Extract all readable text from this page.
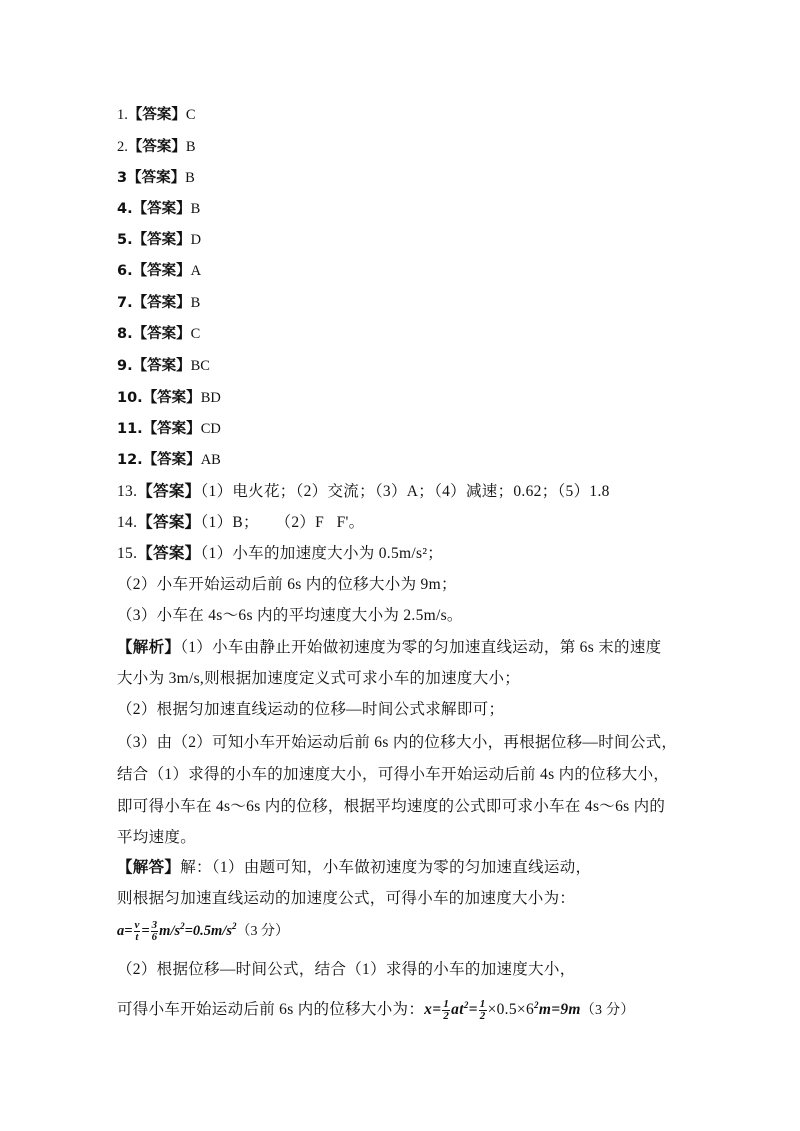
1.【答案】C
2.【答案】B
3【答案】B
4.【答案】B
5.【答案】D
6.【答案】A
7.【答案】B
8.【答案】C
9.【答案】BC
10.【答案】BD
11.【答案】CD
12.【答案】AB
13.【答案】（1）电火花；（2）交流；（3）A；（4）减速；0.62；（5）1.8
14.【答案】（1）B；    （2）F   F'。
15.【答案】（1）小车的加速度大小为 0.5m/s²；
（2）小车开始运动后前 6s 内的位移大小为 9m；
（3）小车在 4s～6s 内的平均速度大小为 2.5m/s。
【解析】（1）小车由静止开始做初速度为零的匀加速直线运动，第 6s 末的速度
大小为 3m/s,则根据加速度定义式可求小车的加速度大小；
（2）根据匀加速直线运动的位移—时间公式求解即可；
（3）由（2）可知小车开始运动后前 6s 内的位移大小，再根据位移—时间公式，
结合（1）求得的小车的加速度大小，可得小车开始运动后前 4s 内的位移大小，
即可得小车在 4s～6s 内的位移，根据平均速度的公式即可求小车在 4s～6s 内的
平均速度。
【解答】解：（1）由题可知，小车做初速度为零的匀加速直线运动，
则根据匀加速直线运动的加速度公式，可得小车的加速度大小为：
$a= \frac{v}{t} = \frac{3}{6} m/s^2=0.5m/s^2(3$ 分）
（2）根据位移—时间公式，结合（1）求得的小车的加速度大小，
可得小车开始运动后前 6s 内的位移大小为：$x= \frac{1}{2} at^2= \frac{1}{2} \times 0.5\times 6^2m=9m(3$ 分）
